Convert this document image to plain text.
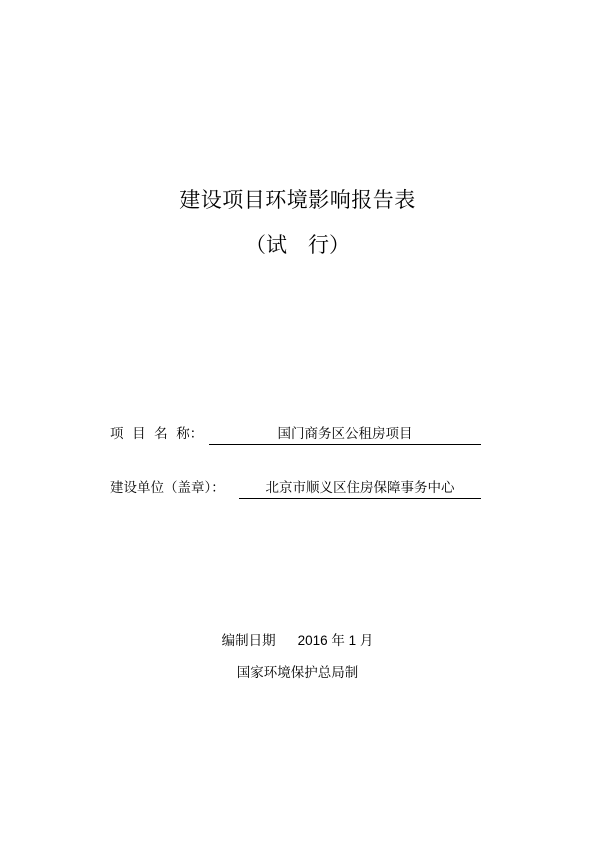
建设项目环境影响报告表
（试　行）
项  目  名  称：	国门商务区公租房项目
建设单位（盖章）：	北京市顺义区住房保障事务中心
编制日期 2016 年 1 月
国家环境保护总局制
